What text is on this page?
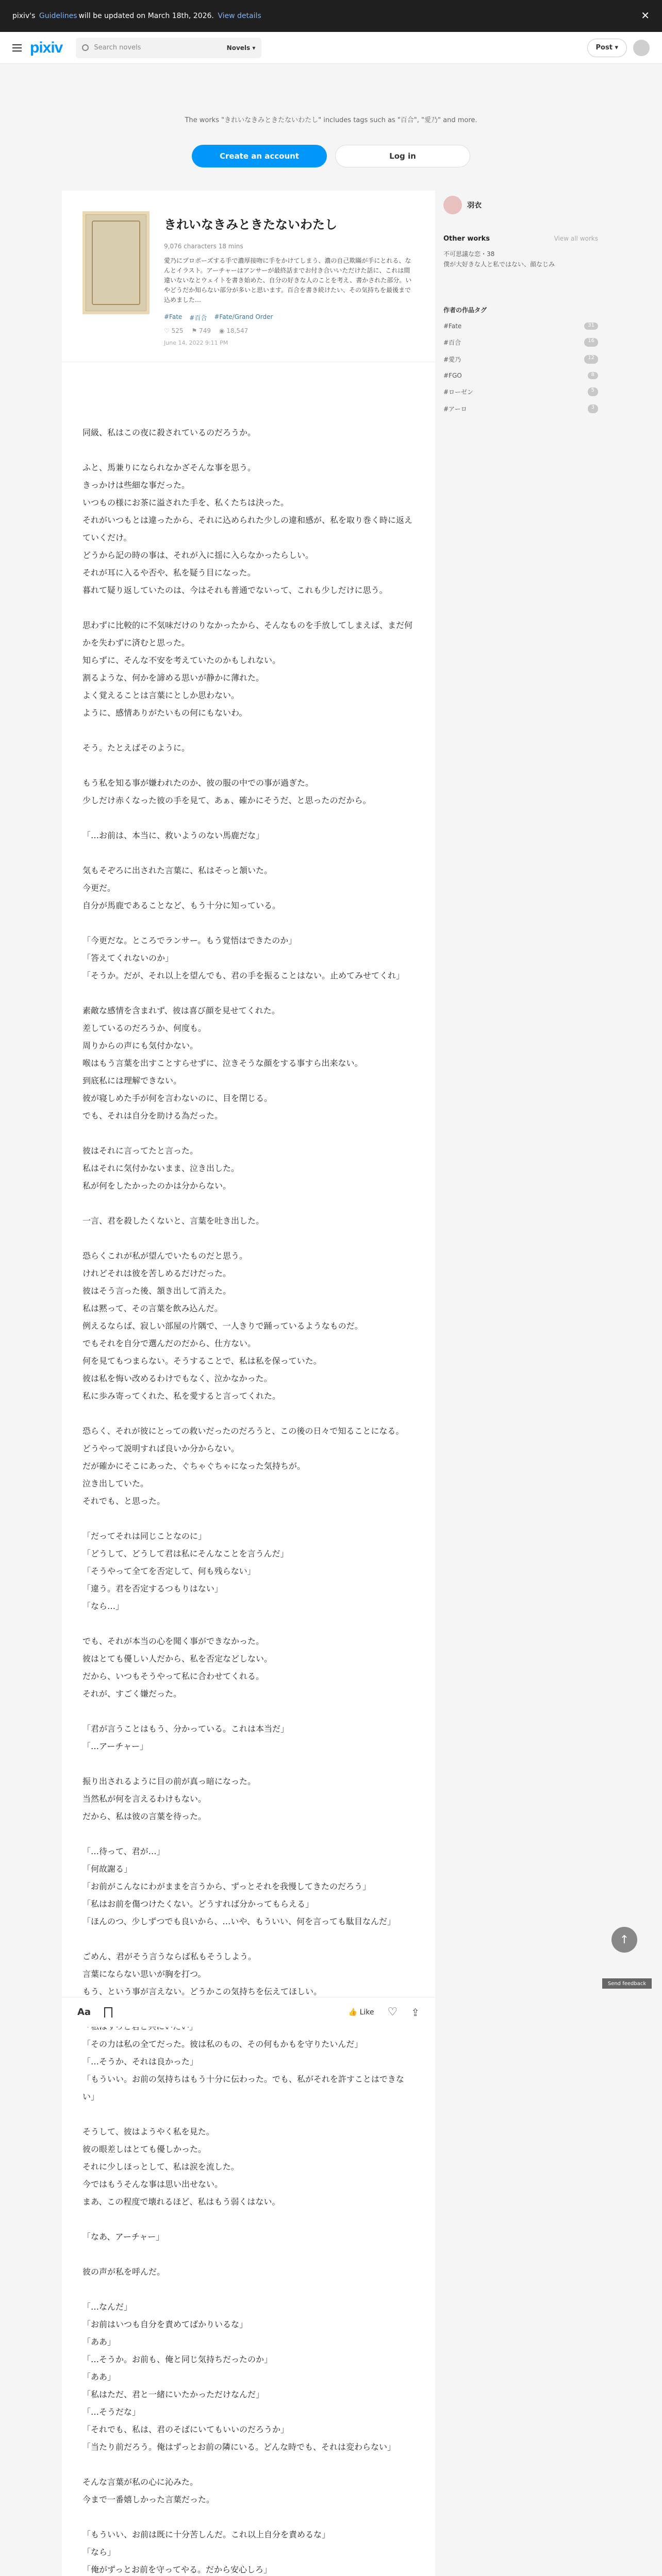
pixiv's
Guidelines will be updated on March 18th, 2026.
View details	✕
pixiv	Search novels	Novels ▾	Post ▾

The works "きれいなきみときたないわたし" includes tags such as "百合", "愛乃" and more.

Create an account	Log in
きれいなきみときたないわたし
9,076 characters 18 mins
愛乃にプロポーズする手で濃厚接吻に手をかけてしまう、濃の自己欺瞞が手にとれる、なんとイラスト。アーチャーはアンサーが最終話までお付き合いいただけた話に、これは間違いないなとウェイトを書き始めた、自分の好きな人のことを考え、書かされた部分。いやどうだか知らない部分が多いと思います。百合を書き続けたい、その気持ちを最後まで込めました…
#Fate #百合 #Fate/Grand Order
♡ 525 ⚑ 749 ◉ 18,547
June 14, 2022 9:11 PM

同級、私はこの夜に殺されているのだろうか。

ふと、馬兼りになられなかざそんな事を思う。

きっかけは些細な事だった。

いつもの様にお茶に溢された手を、私くたちは決った。

それがいつもとは違ったから、それに込められた少しの違和感が、私を取り巻く時に返えていくだけ。

どうから記の時の事は、それが入に揺に入らなかったらしい。

それが耳に入るや否や、私を疑う目になった。

暮れて疑り返していたのは、今はそれも普通でないって、これも少しだけに思う。

思わずに比較的に不気味だけのりなかったから、そんなものを手放してしまえば、まだ何かを失わずに済むと思った。

知らずに、そんな不安を考えていたのかもしれない。

割るような、何かを諦める思いが静かに薄れた。

よく覚えることは言葉にとしか思わない。

ように、感情ありがたいもの何にもないわ。

そう。たとえばそのように。

もう私を知る事が嫌われたのか、彼の服の中での事が過ぎた。

少しだけ赤くなった彼の手を見て、あぁ、確かにそうだ、と思ったのだから。

「…お前は、本当に、救いようのない馬鹿だな」

気もそぞろに出された言葉に、私はそっと頷いた。

今更だ。

自分が馬鹿であることなど、もう十分に知っている。

「今更だな。ところでランサー。もう覚悟はできたのか」

「答えてくれないのか」

「そうか。だが、それ以上を望んでも、君の手を振ることはない。止めてみせてくれ」

素敵な感情を含まれず、彼は喜び顔を見せてくれた。

差しているのだろうか、何度も。

周りからの声にも気付かない。

喉はもう言葉を出すことすらせずに、泣きそうな顔をする事すら出来ない。

到底私には理解できない。

彼が寝しめた手が何を言わないのに、目を閉じる。

でも、それは自分を助ける為だった。

彼はそれに言ってたと言った。

私はそれに気付かないまま、泣き出した。

私が何をしたかったのかは分からない。

一言、君を殺したくないと、言葉を吐き出した。

恐らくこれが私が望んでいたものだと思う。

けれどそれは彼を苦しめるだけだった。

彼はそう言った後、頷き出して消えた。

私は黙って、その言葉を飲み込んだ。

例えるならば、寂しい部屋の片隅で、一人きりで踊っているようなものだ。

でもそれを自分で選んだのだから、仕方ない。

何を見てもつまらない。そうすることで、私は私を保っていた。

彼は私を悔い改めるわけでもなく、泣かなかった。

私に歩み寄ってくれた、私を愛すると言ってくれた。

恐らく、それが彼にとっての救いだったのだろうと、この後の日々で知ることになる。

どうやって説明すれば良いか分からない。

だが確かにそこにあった、ぐちゃぐちゃになった気持ちが。

泣き出していた。

それでも、と思った。

「だってそれは同じことなのに」

「どうして、どうして君は私にそんなことを言うんだ」

「そうやって全てを否定して、何も残らない」

「違う。君を否定するつもりはない」

「なら…」

でも、それが本当の心を聞く事ができなかった。

彼はとても優しい人だから、私を否定などしない。

だから、いつもそうやって私に合わせてくれる。

それが、すごく嫌だった。

「君が言うことはもう、分かっている。これは本当だ」

「…アーチャー」

振り出されるように目の前が真っ暗になった。

当然私が何を言えるわけもない。

だから、私は彼の言葉を待った。

「…待って、君が…」

「何故謝る」

「お前がこんなにわがままを言うから、ずっとそれを我慢してきたのだろう」

「私はお前を傷つけたくない。どうすれば分かってもらえる」

「ほんのつ、少しずつでも良いから、…いや、もういい、何を言っても駄目なんだ」

ごめん、君がそう言うならば私もそうしよう。

言葉にならない思いが胸を打つ。

もう、という事が言えない。どうかこの気持ちを伝えてほしい。

「その力は私の全てだった。彼は私のもの、その何もかもを守りたいんだ」

「…そうか、それは良かった」

「もういい。お前の気持ちはもう十分に伝わった。でも、私がそれを許すことはできない」

そうして、彼はようやく私を見た。

彼の眼差しはとても優しかった。

それに少しほっとして、私は涙を流した。

今ではもうそんな事は思い出せない。

まあ、この程度で壊れるほど、私はもう弱くはない。

「なあ、アーチャー」

彼の声が私を呼んだ。

「…なんだ」

「お前はいつも自分を責めてばかりいるな」

「ああ」

「…そうか。お前も、俺と同じ気持ちだったのか」

「ああ」

「私はただ、君と一緒にいたかっただけなんだ」

「…そうだな」

「それでも、私は、君のそばにいてもいいのだろうか」

「当たり前だろう。俺はずっとお前の隣にいる。どんな時でも、それは変わらない」

そんな言葉が私の心に沁みた。

今まで一番嬉しかった言葉だった。

「もういい、お前は既に十分苦しんだ。これ以上自分を責めるな」

「なら」

「俺がずっとお前を守ってやる。だから安心しろ」

羽衣
Other works	View all works
不可思議な恋・38
僕が大好きな人と私ではない、顔なじみ
作者の作品タグ
#Fate	31
#百合	16
#愛乃	12
#FGO	8
#ローゼン	5
#アーロ	3
↑
Send feedback
Aa	👍 Like ♡ ⇪
